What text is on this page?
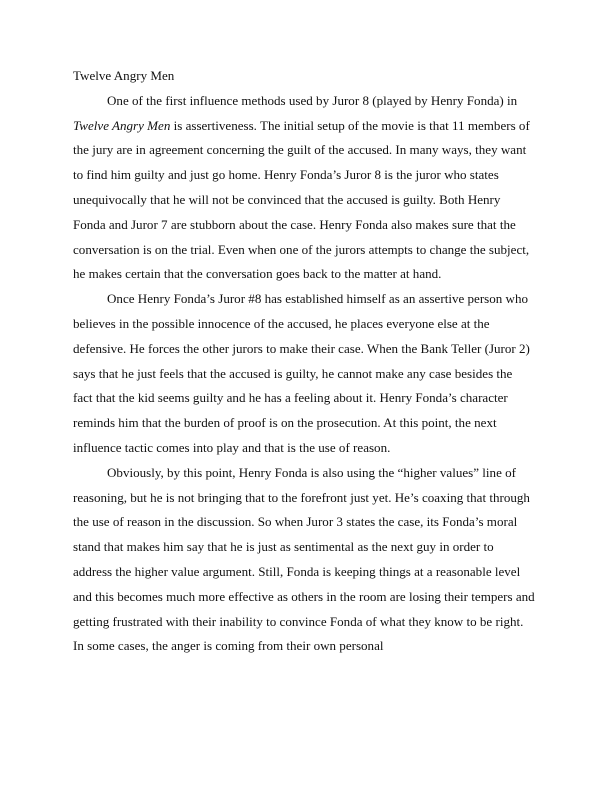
Twelve Angry Men

One of the first influence methods used by Juror 8 (played by Henry Fonda) in Twelve Angry Men is assertiveness. The initial setup of the movie is that 11 members of the jury are in agreement concerning the guilt of the accused. In many ways, they want to find him guilty and just go home. Henry Fonda’s Juror 8 is the juror who states unequivocally that he will not be convinced that the accused is guilty. Both Henry Fonda and Juror 7 are stubborn about the case. Henry Fonda also makes sure that the conversation is on the trial. Even when one of the jurors attempts to change the subject, he makes certain that the conversation goes back to the matter at hand.

Once Henry Fonda’s Juror #8 has established himself as an assertive person who believes in the possible innocence of the accused, he places everyone else at the defensive. He forces the other jurors to make their case. When the Bank Teller (Juror 2) says that he just feels that the accused is guilty, he cannot make any case besides the fact that the kid seems guilty and he has a feeling about it. Henry Fonda’s character reminds him that the burden of proof is on the prosecution. At this point, the next influence tactic comes into play and that is the use of reason.

Obviously, by this point, Henry Fonda is also using the “higher values” line of reasoning, but he is not bringing that to the forefront just yet. He’s coaxing that through the use of reason in the discussion. So when Juror 3 states the case, its Fonda’s moral stand that makes him say that he is just as sentimental as the next guy in order to address the higher value argument. Still, Fonda is keeping things at a reasonable level and this becomes much more effective as others in the room are losing their tempers and getting frustrated with their inability to convince Fonda of what they know to be right. In some cases, the anger is coming from their own personal
